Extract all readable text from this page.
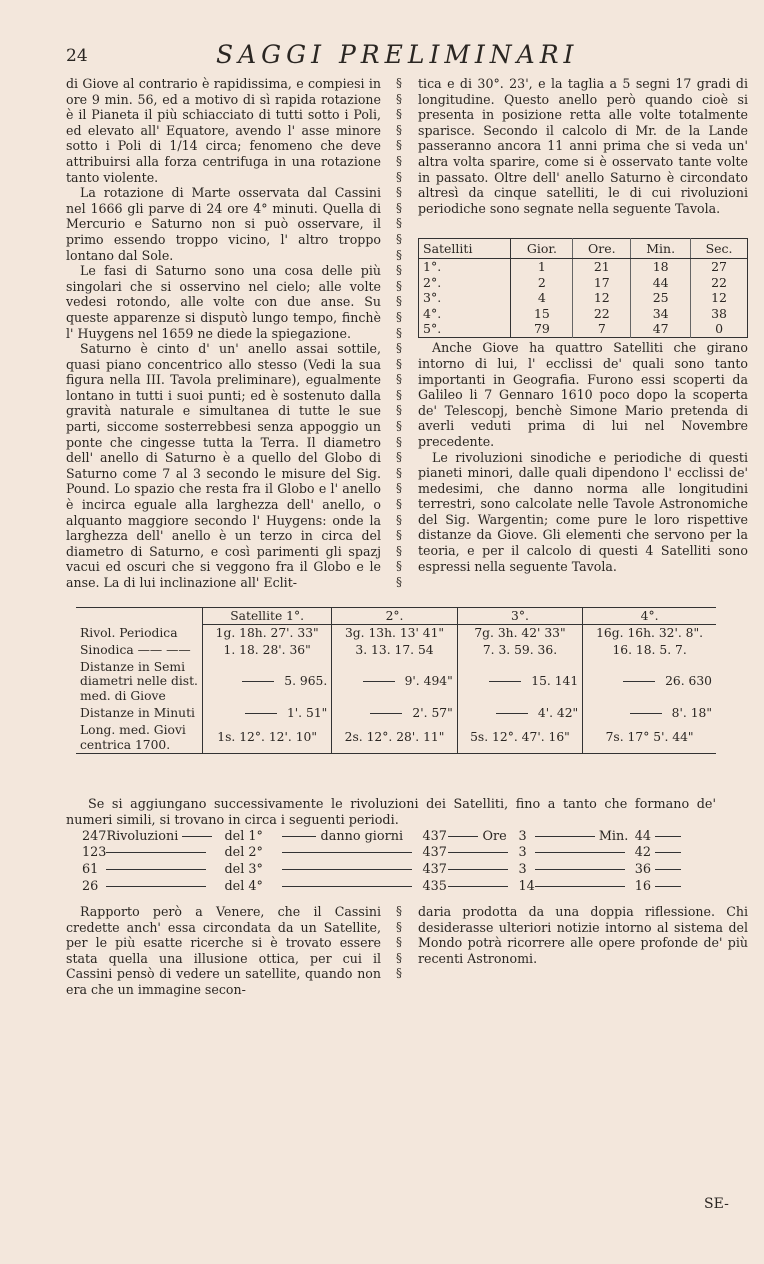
24	SAGGI PRELIMINARI

di Giove al contrario è rapidissima, e compiesi in ore 9 min. 56, ed a motivo di sì rapida rotazione è il Pianeta il più schiacciato di tutti sotto i Poli, ed elevato all' Equatore, avendo l' asse minore sotto i Poli di 1/14 circa; fenomeno che deve attribuirsi alla forza centrifuga in una rotazione tanto violente.

La rotazione di Marte osservata dal Cassini nel 1666 gli parve di 24 ore 4° minuti. Quella di Mercurio e Saturno non si può osservare, il primo essendo troppo vicino, l' altro troppo lontano dal Sole.

Le fasi di Saturno sono una cosa delle più singolari che si osservino nel cielo; alle volte vedesi rotondo, alle volte con due anse. Su queste apparenze si disputò lungo tempo, finchè l' Huygens nel 1659 ne diede la spiegazione.

Saturno è cinto d' un' anello assai sottile, quasi piano concentrico allo stesso (Vedi la sua figura nella III. Tavola preliminare), egualmente lontano in tutti i suoi punti; ed è sostenuto dalla gravità naturale e simultanea di tutte le sue parti, siccome sosterrebbesi senza appoggio un ponte che cingesse tutta la Terra. Il diametro dell' anello di Saturno è a quello del Globo di Saturno come 7 al 3 secondo le misure del Sig. Pound. Lo spazio che resta fra il Globo e l' anello è incirca eguale alla larghezza dell' anello, o alquanto maggiore secondo l' Huygens: onde la larghezza dell' anello è un terzo in circa del diametro di Saturno, e così parimenti gli spazj vacui ed oscuri che si veggono fra il Globo e le anse. La di lui inclinazione all' Eclit-

§
§
§
§
§
§
§
§
§
§
§
§
§
§
§
§
§
§
§
§
§
§
§
§
§
§
§
§
§
§
§
§
§

tica e di 30°. 23', e la taglia a 5 segni 17 gradi di longitudine. Questo anello però quando cioè si presenta in posizione retta alle volte totalmente sparisce. Secondo il calcolo di Mr. de la Lande passeranno ancora 11 anni prima che si veda un' altra volta sparire, come si è osservato tante volte in passato. Oltre dell' anello Saturno è circondato altresì da cinque satelliti, le di cui rivoluzioni periodiche sono segnate nella seguente Tavola.

Anche Giove ha quattro Satelliti che girano intorno di lui, l' ecclissi de' quali sono tanto importanti in Geografia. Furono essi scoperti da Galileo li 7 Gennaro 1610 poco dopo la scoperta de' Telescopj, benchè Simone Mario pretenda di averli veduti prima di lui nel Novembre precedente.

Le rivoluzioni sinodiche e periodiche di questi pianeti minori, dalle quali dipendono l' ecclissi de' medesimi, che danno norma alle longitudini terrestri, sono calcolate nelle Tavole Astronomiche del Sig. Wargentin; come pure le loro rispettive distanze da Giove. Gli elementi che servono per la teoria, e per il calcolo di questi 4 Satelliti sono espressi nella seguente Tavola.

Satelliti	Gior.	Ore.	Min.	Sec.
1°.	1	21	18	27
2°.	2	17	44	22
3°.	4	12	25	12
4°.	15	22	34	38
5°.	79	7	47	0
	Satellite 1°.	2°.	3°.	4°.
Rivol. Periodica	1g. 18h. 27'. 33"	3g. 13h. 13' 41"	7g. 3h. 42' 33"	16g. 16h. 32'. 8".
Sinodica —— ——	1. 18. 28'. 36"	3. 13. 17. 54	7. 3. 59. 36.	16. 18. 5. 7.
Distanze in Semi diametri nelle dist. med. di Giove	5. 965.	9'. 494"	15. 141	26. 630
Distanze in Minuti	1'. 51"	2'. 57"	4'. 42"	8'. 18"
Long. med. Giovi centrica 1700.	1s. 12°. 12'. 10"	2s. 12°. 28'. 11"	5s. 12°. 47'. 16"	7s. 17° 5'. 44"

Se si aggiungano successivamente le rivoluzioni dei Satelliti, fino a tanto che formano de' numeri simili, si trovano in circa i seguenti periodi.

247	Rivoluzioni	del 1°	danno giorni	437	Ore	3	Min.	44	
123		del 2°		437		3		42	
61		del 3°		437		3		36	
26		del 4°		435		14		16	

Rapporto però a Venere, che il Cassini credette anch' essa circondata da un Satellite, per le più esatte ricerche si è trovato essere stata quella una illusione ottica, per cui il Cassini pensò di vedere un satellite, quando non era che un immagine secon-

§
§
§
§
§

daria prodotta da una doppia riflessione. Chi desiderasse ulteriori notizie intorno al sistema del Mondo potrà ricorrere alle opere profonde de' più recenti Astronomi.

SE-
